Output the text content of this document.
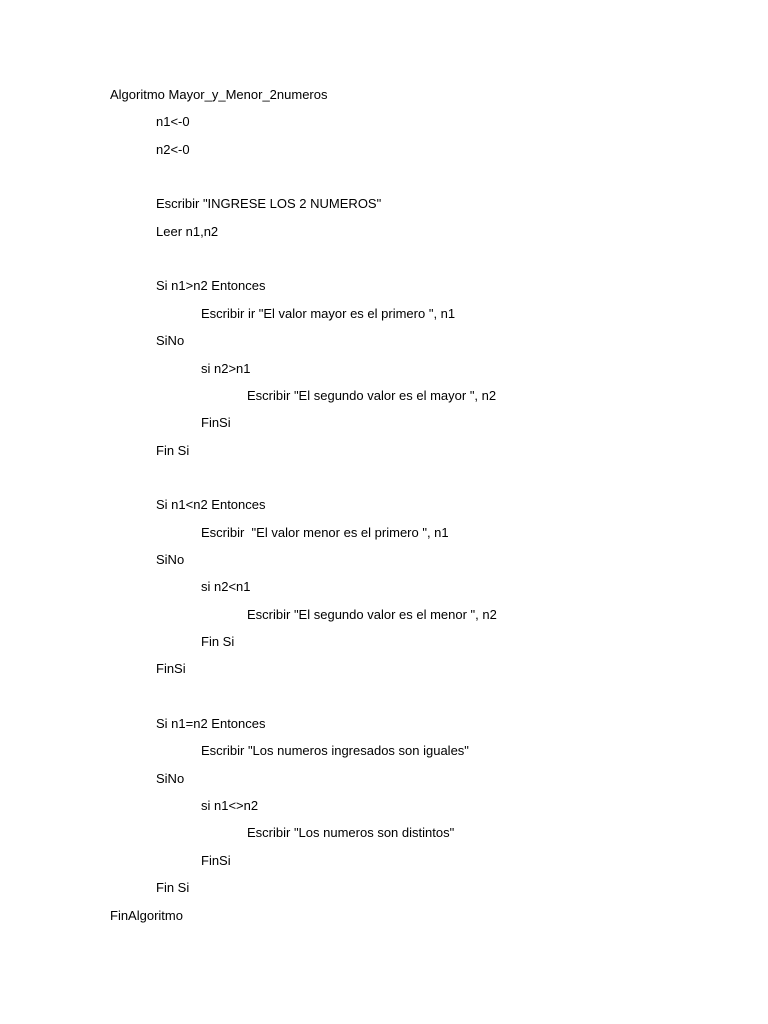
Algoritmo Mayor_y_Menor_2numeros
n1<-0
n2<-0
Escribir "INGRESE LOS 2 NUMEROS"
Leer n1,n2
Si n1>n2 Entonces
Escribir ir "El valor mayor es el primero ", n1
SiNo
si n2>n1
Escribir "El segundo valor es el mayor ", n2
FinSi
Fin Si
Si n1<n2 Entonces
Escribir  "El valor menor es el primero ", n1
SiNo
si n2<n1
Escribir "El segundo valor es el menor ", n2
Fin Si
FinSi
Si n1=n2 Entonces
Escribir "Los numeros ingresados son iguales"
SiNo
si n1<>n2
Escribir "Los numeros son distintos"
FinSi
Fin Si
FinAlgoritmo
